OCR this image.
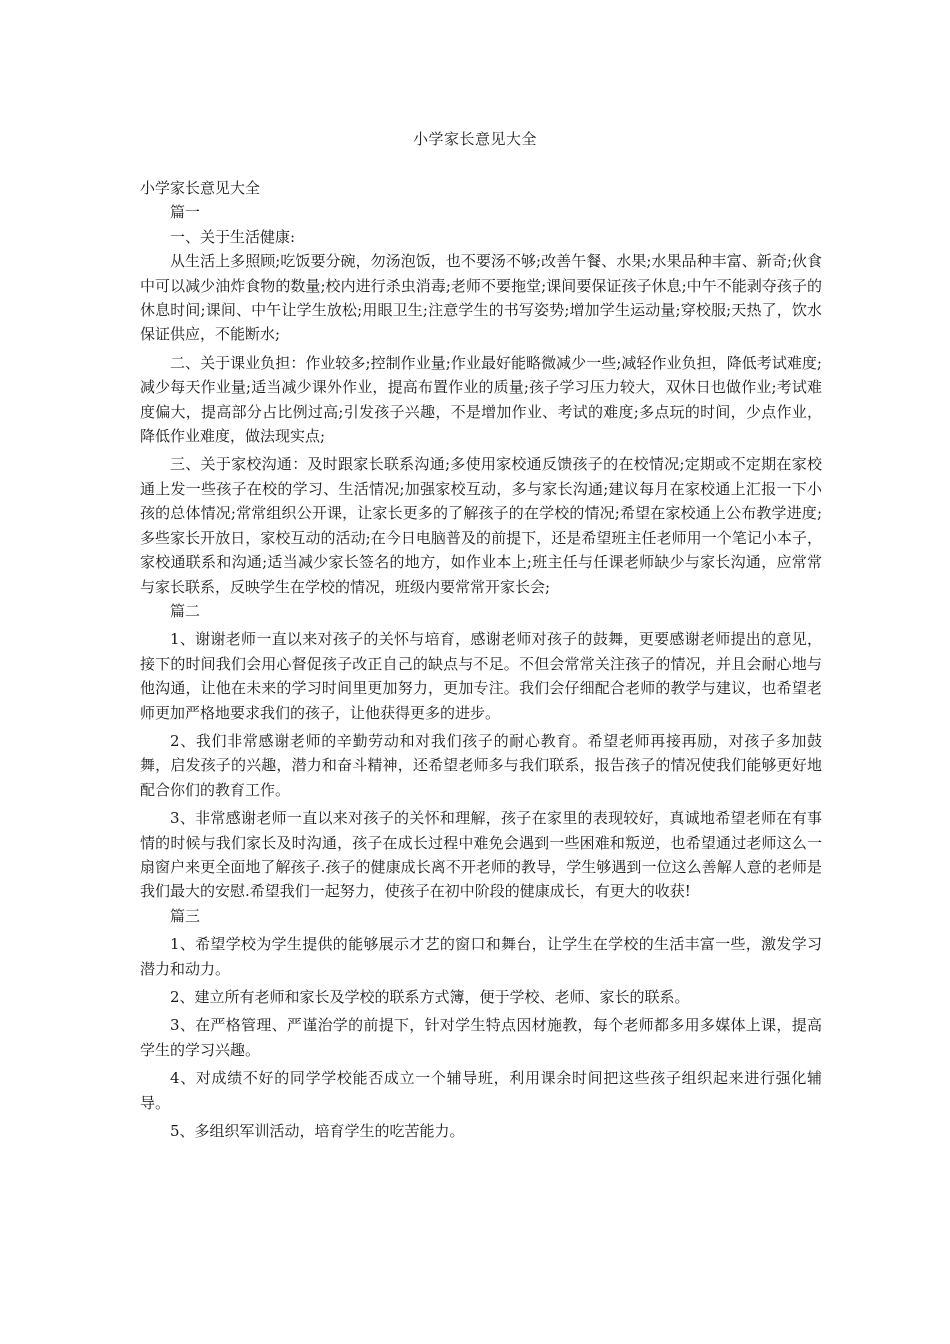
小学家长意见大全

小学家长意见大全

篇一

一、关于生活健康:

从生活上多照顾;吃饭要分碗，勿汤泡饭，也不要汤不够;改善午餐、水果;水果品种丰富、新奇;伙食中可以减少油炸食物的数量;校内进行杀虫消毒;老师不要拖堂;课间要保证孩子休息;中午不能剥夺孩子的休息时间;课间、中午让学生放松;用眼卫生;注意学生的书写姿势;增加学生运动量;穿校服;天热了，饮水保证供应，不能断水;

二、关于课业负担：作业较多;控制作业量;作业最好能略微减少一些;减轻作业负担，降低考试难度;减少每天作业量;适当减少课外作业，提高布置作业的质量;孩子学习压力较大，双休日也做作业;考试难度偏大，提高部分占比例过高;引发孩子兴趣，不是增加作业、考试的难度;多点玩的时间，少点作业，降低作业难度，做法现实点;

三、关于家校沟通：及时跟家长联系沟通;多使用家校通反馈孩子的在校情况;定期或不定期在家校通上发一些孩子在校的学习、生活情况;加强家校互动，多与家长沟通;建议每月在家校通上汇报一下小孩的总体情况;常常组织公开课，让家长更多的了解孩子的在学校的情况;希望在家校通上公布教学进度;多些家长开放日，家校互动的活动;在今日电脑普及的前提下，还是希望班主任老师用一个笔记小本子，家校通联系和沟通;适当减少家长签名的地方，如作业本上;班主任与任课老师缺少与家长沟通，应常常与家长联系，反映学生在学校的情况，班级内要常常开家长会;

篇二

1、谢谢老师一直以来对孩子的关怀与培育，感谢老师对孩子的鼓舞，更要感谢老师提出的意见，接下的时间我们会用心督促孩子改正自己的缺点与不足。不但会常常关注孩子的情况，并且会耐心地与他沟通，让他在未来的学习时间里更加努力，更加专注。我们会仔细配合老师的教学与建议，也希望老师更加严格地要求我们的孩子，让他获得更多的进步。

2、我们非常感谢老师的辛勤劳动和对我们孩子的耐心教育。希望老师再接再励，对孩子多加鼓舞，启发孩子的兴趣，潜力和奋斗精神，还希望老师多与我们联系，报告孩子的情况使我们能够更好地配合你们的教育工作。

3、非常感谢老师一直以来对孩子的关怀和理解，孩子在家里的表现较好，真诚地希望老师在有事情的时候与我们家长及时沟通，孩子在成长过程中难免会遇到一些困难和叛逆，也希望通过老师这么一扇窗户来更全面地了解孩子.孩子的健康成长离不开老师的教导，学生够遇到一位这么善解人意的老师是我们最大的安慰.希望我们一起努力，使孩子在初中阶段的健康成长，有更大的收获!

篇三

1、希望学校为学生提供的能够展示才艺的窗口和舞台，让学生在学校的生活丰富一些，激发学习潜力和动力。

2、建立所有老师和家长及学校的联系方式簿，便于学校、老师、家长的联系。

3、在严格管理、严谨治学的前提下，针对学生特点因材施教，每个老师都多用多媒体上课，提高学生的学习兴趣。

4、对成绩不好的同学学校能否成立一个辅导班，利用课余时间把这些孩子组织起来进行强化辅导。

5、多组织军训活动，培育学生的吃苦能力。
